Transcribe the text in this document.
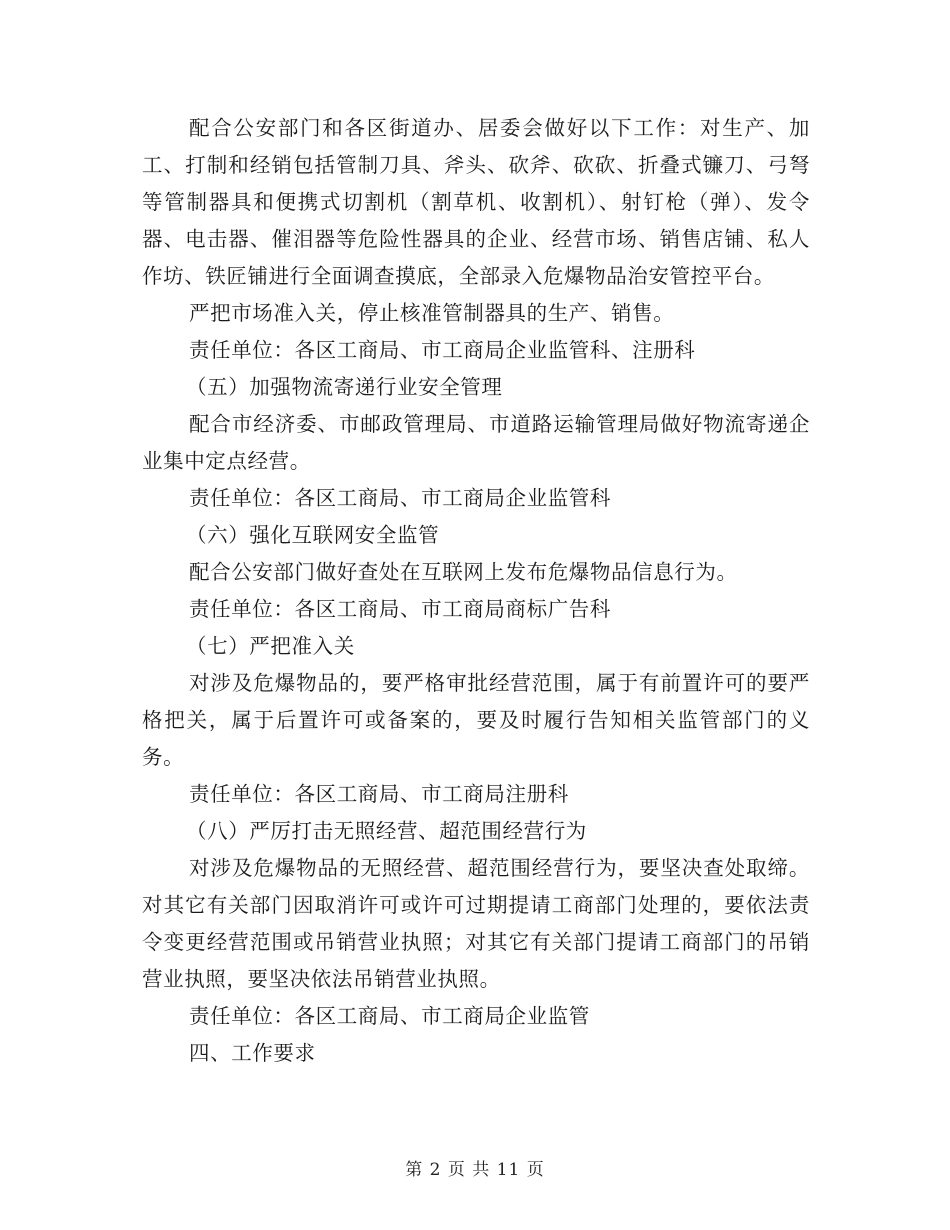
配合公安部门和各区街道办、居委会做好以下工作：对生产、加工、打制和经销包括管制刀具、斧头、砍斧、砍砍、折叠式镰刀、弓弩等管制器具和便携式切割机（割草机、收割机）、射钉枪（弹）、发令器、电击器、催泪器等危险性器具的企业、经营市场、销售店铺、私人作坊、铁匠铺进行全面调查摸底，全部录入危爆物品治安管控平台。

严把市场准入关，停止核准管制器具的生产、销售。

责任单位：各区工商局、市工商局企业监管科、注册科

（五）加强物流寄递行业安全管理

配合市经济委、市邮政管理局、市道路运输管理局做好物流寄递企业集中定点经营。

责任单位：各区工商局、市工商局企业监管科

（六）强化互联网安全监管

配合公安部门做好查处在互联网上发布危爆物品信息行为。

责任单位：各区工商局、市工商局商标广告科

（七）严把准入关

对涉及危爆物品的，要严格审批经营范围，属于有前置许可的要严格把关，属于后置许可或备案的，要及时履行告知相关监管部门的义务。

责任单位：各区工商局、市工商局注册科

（八）严厉打击无照经营、超范围经营行为

对涉及危爆物品的无照经营、超范围经营行为，要坚决查处取缔。对其它有关部门因取消许可或许可过期提请工商部门处理的，要依法责令变更经营范围或吊销营业执照；对其它有关部门提请工商部门的吊销营业执照，要坚决依法吊销营业执照。

责任单位：各区工商局、市工商局企业监管

四、工作要求

第 2 页 共 11 页
